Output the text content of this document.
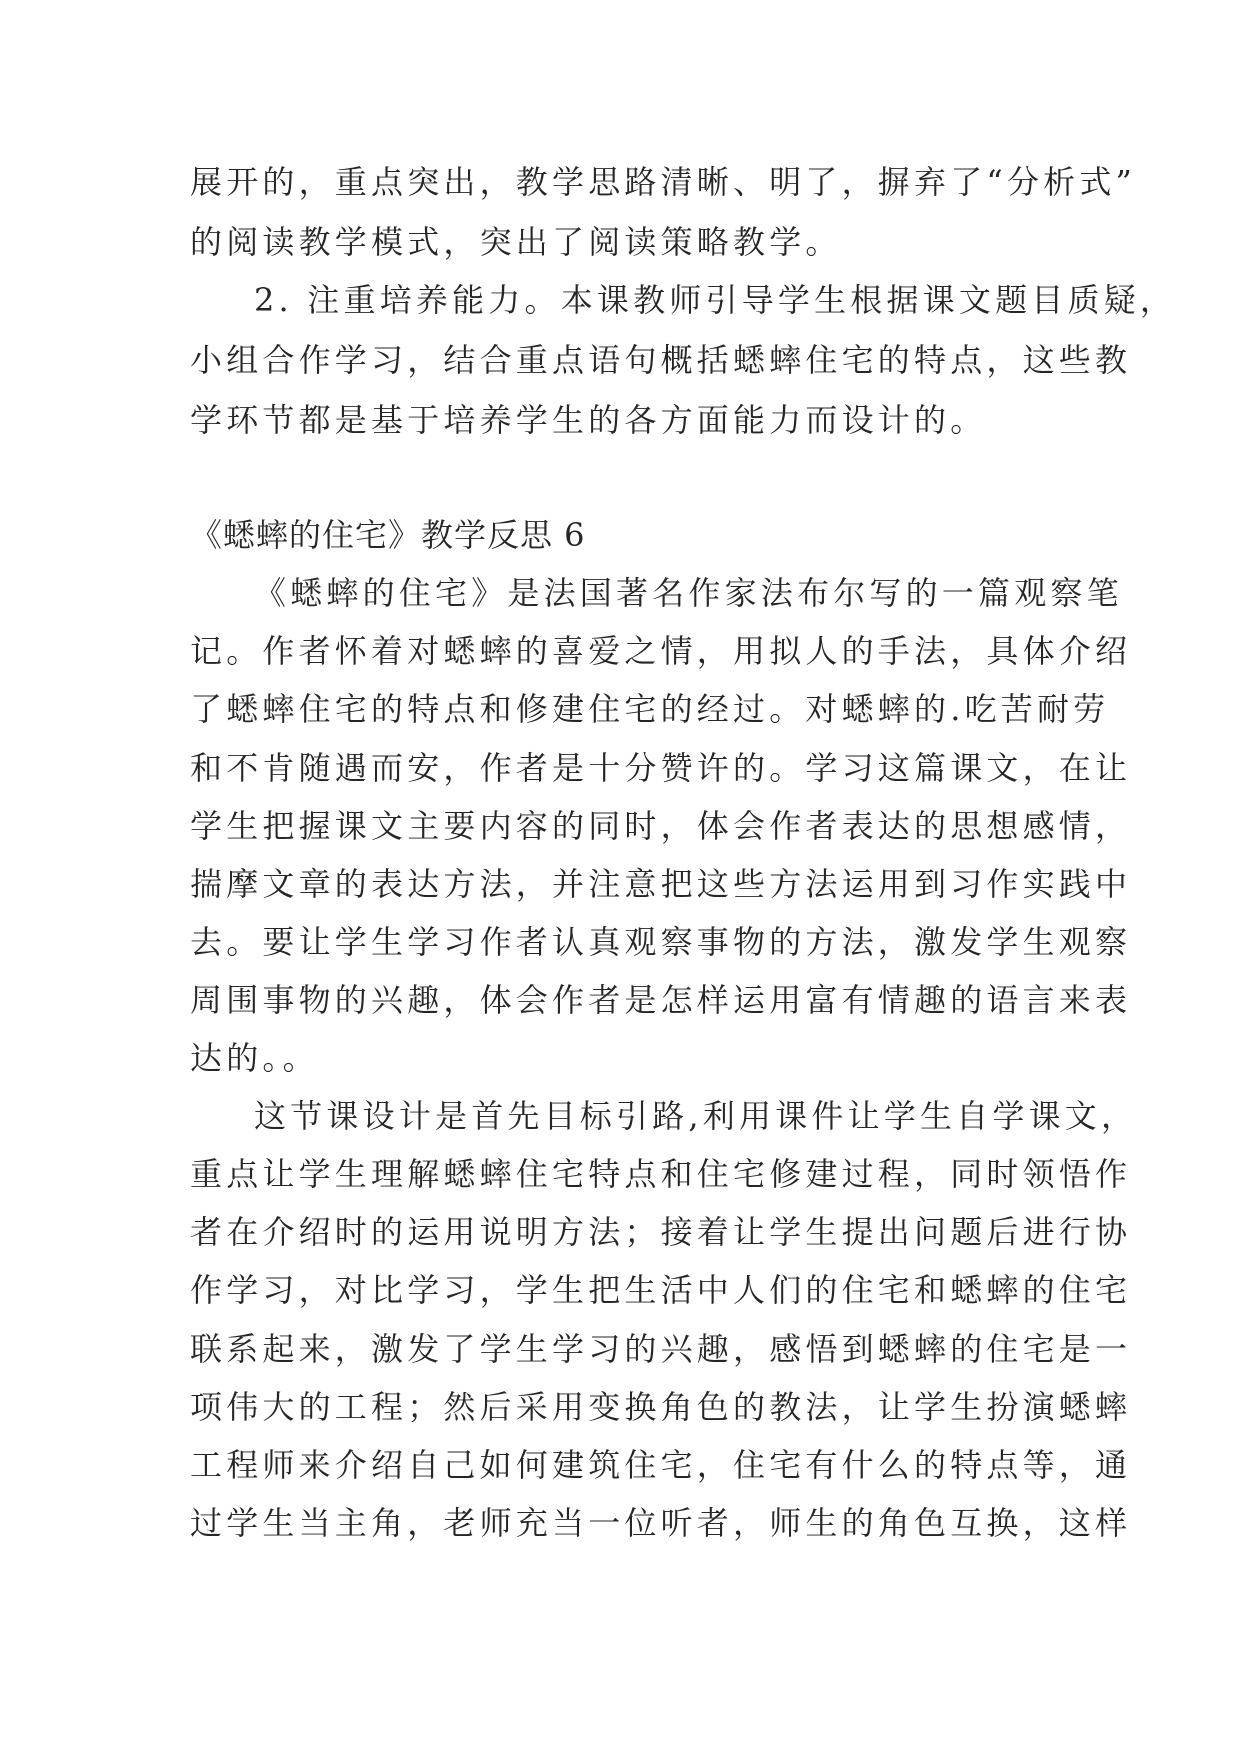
展开的，重点突出，教学思路清晰、明了，摒弃了“分析式”

的阅读教学模式，突出了阅读策略教学。

2. 注重培养能力。本课教师引导学生根据课文题目质疑，

小组合作学习，结合重点语句概括蟋蟀住宅的特点，这些教

学环节都是基于培养学生的各方面能力而设计的。

《蟋蟀的住宅》教学反思 6

《蟋蟀的住宅》是法国著名作家法布尔写的一篇观察笔

记。作者怀着对蟋蟀的喜爱之情，用拟人的手法，具体介绍

了蟋蟀住宅的特点和修建住宅的经过。对蟋蟀的.吃苦耐劳

和不肯随遇而安，作者是十分赞许的。学习这篇课文，在让

学生把握课文主要内容的同时，体会作者表达的思想感情，

揣摩文章的表达方法，并注意把这些方法运用到习作实践中

去。要让学生学习作者认真观察事物的方法，激发学生观察

周围事物的兴趣，体会作者是怎样运用富有情趣的语言来表

达的。。

这节课设计是首先目标引路,利用课件让学生自学课文，

重点让学生理解蟋蟀住宅特点和住宅修建过程，同时领悟作

者在介绍时的运用说明方法；接着让学生提出问题后进行协

作学习，对比学习，学生把生活中人们的住宅和蟋蟀的住宅

联系起来，激发了学生学习的兴趣，感悟到蟋蟀的住宅是一

项伟大的工程；然后采用变换角色的教法，让学生扮演蟋蟀

工程师来介绍自己如何建筑住宅，住宅有什么的特点等，通

过学生当主角，老师充当一位听者，师生的角色互换，这样
